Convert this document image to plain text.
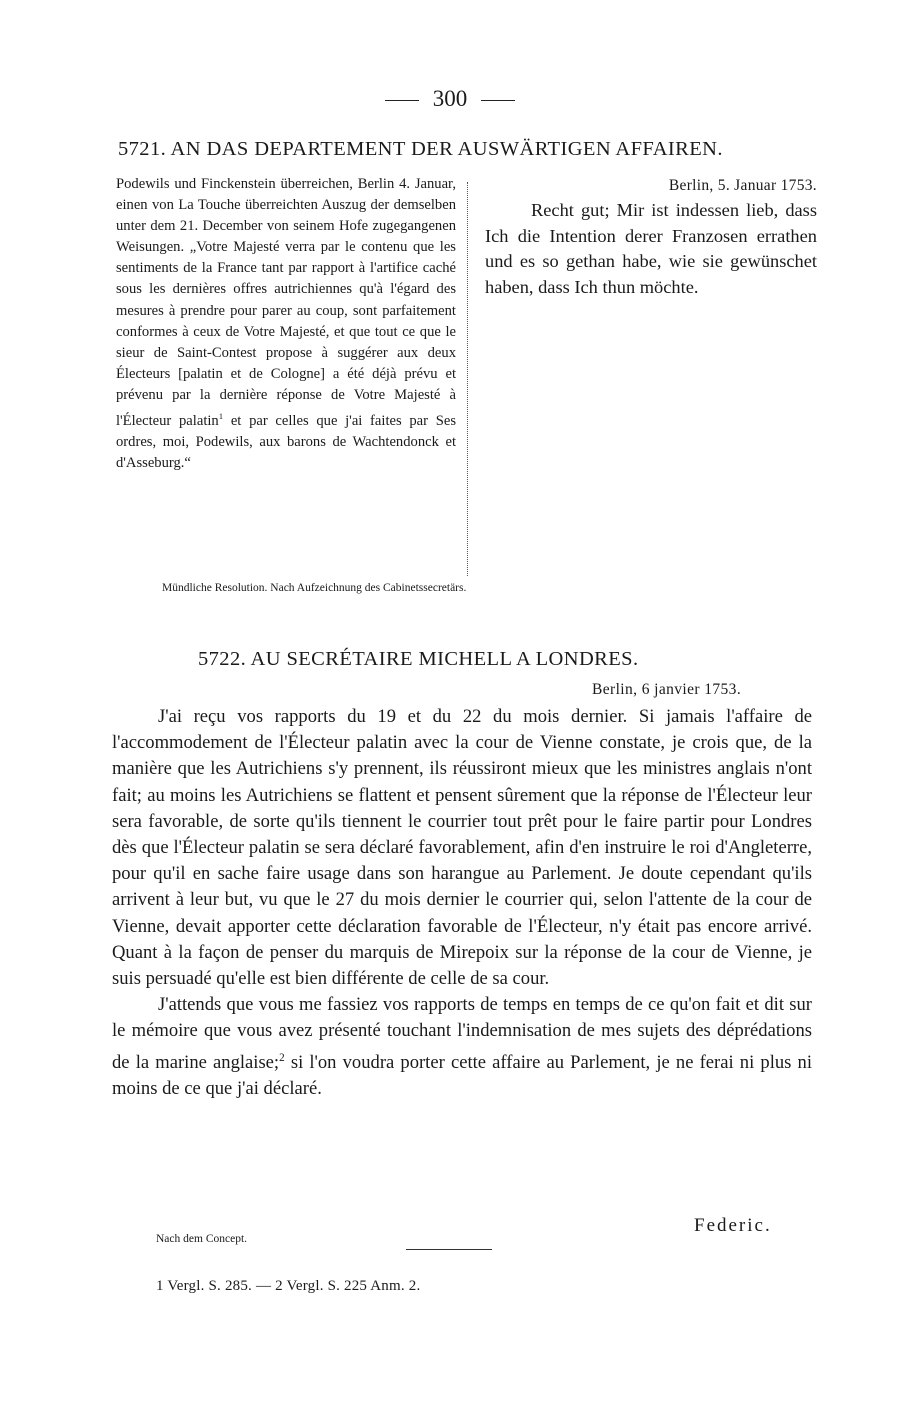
300
5721. AN DAS DEPARTEMENT DER AUSWÄRTIGEN AFFAIREN.

Podewils und Finckenstein überreichen, Berlin 4. Januar, einen von La Touche überreichten Auszug der demselben unter dem 21. December von seinem Hofe zugegangenen Weisungen. „Votre Majesté verra par le contenu que les sentiments de la France tant par rapport à l'artifice caché sous les dernières offres autrichiennes qu'à l'égard des mesures à prendre pour parer au coup, sont parfaitement conformes à ceux de Votre Majesté, et que tout ce que le sieur de Saint-Contest propose à suggérer aux deux Électeurs [palatin et de Cologne] a été déjà prévu et prévenu par la dernière réponse de Votre Majesté à l'Électeur palatin$^1$ et par celles que j'ai faites par Ses ordres, moi, Podewils, aux barons de Wachtendonck et d'Asseburg.“

Berlin, 5. Januar 1753.

Recht gut; Mir ist indessen lieb, dass Ich die Intention derer Franzosen errathen und es so gethan habe, wie sie gewünschet haben, dass Ich thun möchte.

Mündliche Resolution. Nach Aufzeichnung des Cabinetssecretärs.
5722. AU SECRÉTAIRE MICHELL A LONDRES.
Berlin, 6 janvier 1753.

J'ai reçu vos rapports du 19 et du 22 du mois dernier. Si jamais l'affaire de l'accommodement de l'Électeur palatin avec la cour de Vienne constate, je crois que, de la manière que les Autrichiens s'y prennent, ils réussiront mieux que les ministres anglais n'ont fait; au moins les Autrichiens se flattent et pensent sûrement que la réponse de l'Électeur leur sera favorable, de sorte qu'ils tiennent le courrier tout prêt pour le faire partir pour Londres dès que l'Électeur palatin se sera déclaré favorablement, afin d'en instruire le roi d'Angleterre, pour qu'il en sache faire usage dans son harangue au Parlement. Je doute cependant qu'ils arrivent à leur but, vu que le 27 du mois dernier le courrier qui, selon l'attente de la cour de Vienne, devait apporter cette déclaration favorable de l'Électeur, n'y était pas encore arrivé. Quant à la façon de penser du marquis de Mirepoix sur la réponse de la cour de Vienne, je suis persuadé qu'elle est bien différente de celle de sa cour.

J'attends que vous me fassiez vos rapports de temps en temps de ce qu'on fait et dit sur le mémoire que vous avez présenté touchant l'indemnisation de mes sujets des déprédations de la marine anglaise;$^2$ si l'on voudra porter cette affaire au Parlement, je ne ferai ni plus ni moins de ce que j'ai déclaré.

Federic.
Nach dem Concept.
1 Vergl. S. 285. — 2 Vergl. S. 225 Anm. 2.
